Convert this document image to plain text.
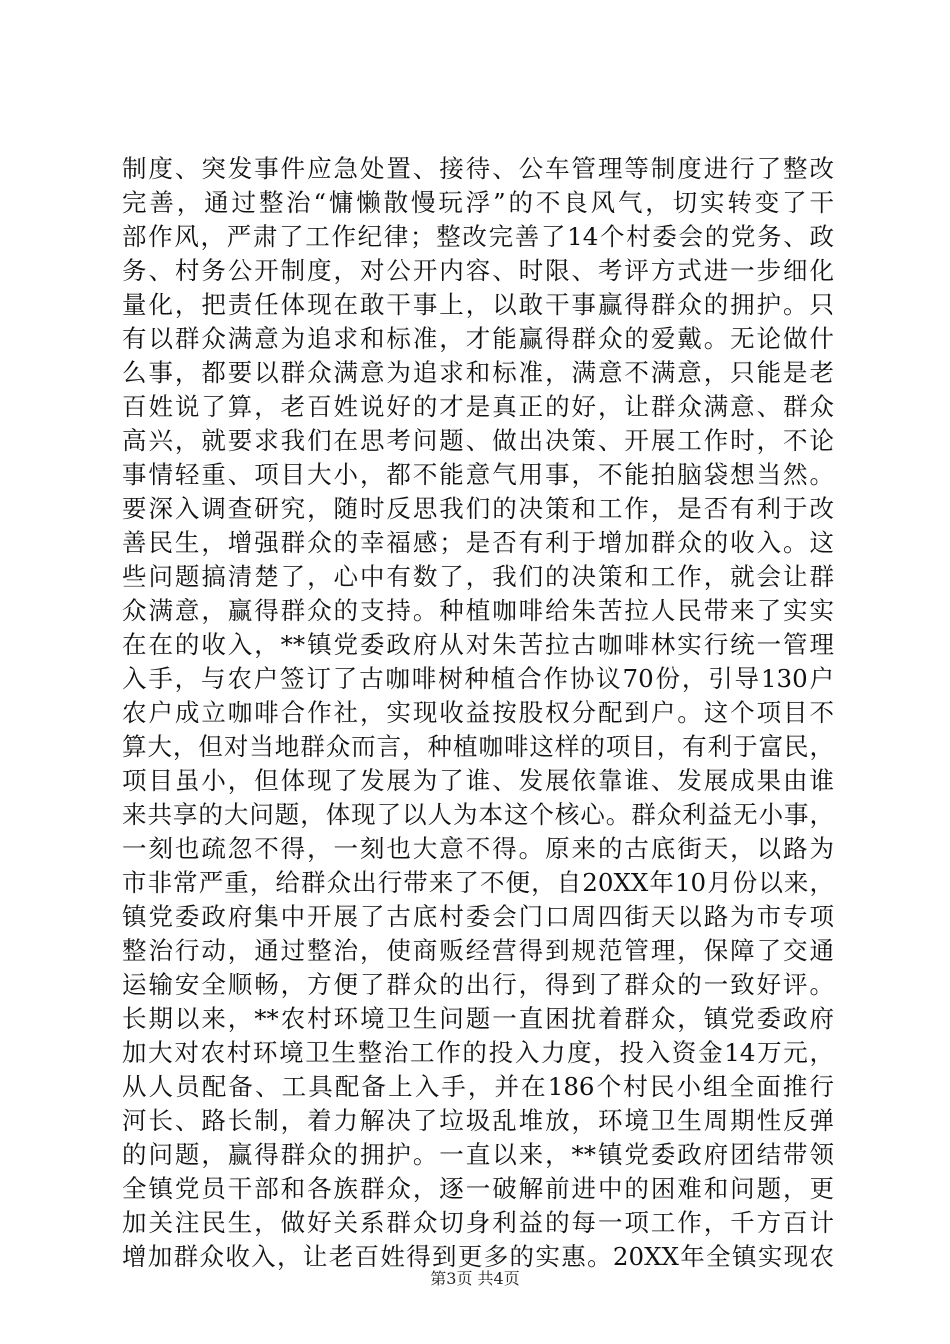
制度、突发事件应急处置、接待、公车管理等制度进行了整改
完善，通过整治“慵懒散慢玩浮”的不良风气，切实转变了干
部作风，严肃了工作纪律；整改完善了14个村委会的党务、政
务、村务公开制度，对公开内容、时限、考评方式进一步细化
量化，把责任体现在敢干事上，以敢干事赢得群众的拥护。只
有以群众满意为追求和标准，才能赢得群众的爱戴。无论做什
么事，都要以群众满意为追求和标准，满意不满意，只能是老
百姓说了算，老百姓说好的才是真正的好，让群众满意、群众
高兴，就要求我们在思考问题、做出决策、开展工作时，不论
事情轻重、项目大小，都不能意气用事，不能拍脑袋想当然。
要深入调查研究，随时反思我们的决策和工作，是否有利于改
善民生，增强群众的幸福感；是否有利于增加群众的收入。这
些问题搞清楚了，心中有数了，我们的决策和工作，就会让群
众满意，赢得群众的支持。种植咖啡给朱苦拉人民带来了实实
在在的收入，**镇党委政府从对朱苦拉古咖啡林实行统一管理
入手，与农户签订了古咖啡树种植合作协议70份，引导130户
农户成立咖啡合作社，实现收益按股权分配到户。这个项目不
算大，但对当地群众而言，种植咖啡这样的项目，有利于富民，
项目虽小，但体现了发展为了谁、发展依靠谁、发展成果由谁
来共享的大问题，体现了以人为本这个核心。群众利益无小事，
一刻也疏忽不得，一刻也大意不得。原来的古底街天，以路为
市非常严重，给群众出行带来了不便，自20XX年10月份以来，
镇党委政府集中开展了古底村委会门口周四街天以路为市专项
整治行动，通过整治，使商贩经营得到规范管理，保障了交通
运输安全顺畅，方便了群众的出行，得到了群众的一致好评。
长期以来，**农村环境卫生问题一直困扰着群众，镇党委政府
加大对农村环境卫生整治工作的投入力度，投入资金14万元，
从人员配备、工具配备上入手，并在186个村民小组全面推行
河长、路长制，着力解决了垃圾乱堆放，环境卫生周期性反弹
的问题，赢得群众的拥护。一直以来，**镇党委政府团结带领
全镇党员干部和各族群众，逐一破解前进中的困难和问题，更
加关注民生，做好关系群众切身利益的每一项工作，千方百计
增加群众收入，让老百姓得到更多的实惠。20XX年全镇实现农
第3页 共4页
